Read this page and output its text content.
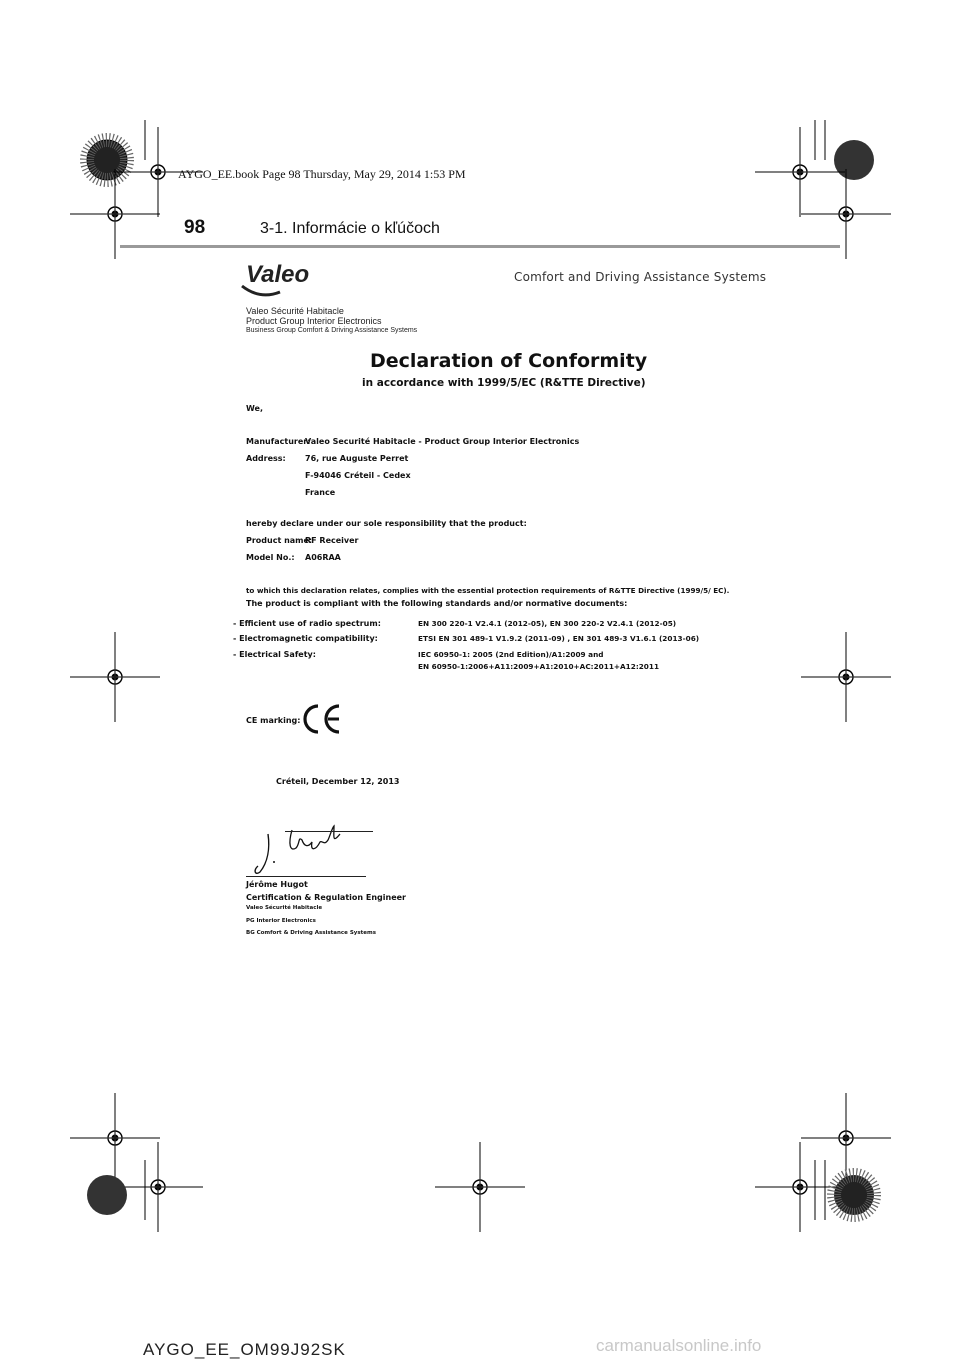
AYGO_EE.book Page 98 Thursday, May 29, 2014 1:53 PM
98	3-1. Informácie o kľúčoch
Valeo	Comfort and Driving Assistance Systems
Valeo Sécurité Habitacle
Product Group Interior Electronics
Business Group Comfort & Driving Assistance Systems
Declaration of Conformity
in accordance with 1999/5/EC (R&TTE Directive)
We,
Manufacturer:
Valeo Securité Habitacle - Product Group Interior Electronics
Address: 76, rue Auguste Perret
F-94046 Créteil - Cedex
France
hereby declare under our sole responsibility that the product:
Product name:
RF Receiver
Model No.: A06RAA
to which this declaration relates, complies with the essential protection requirements of R&TTE Directive (1999/5/ EC).
The product is compliant with the following standards and/or normative documents:
- Efficient use of radio spectrum:	EN 300 220-1 V2.4.1 (2012-05), EN 300 220-2 V2.4.1 (2012-05)
- Electromagnetic compatibility:	ETSI EN 301 489-1 V1.9.2 (2011-09) , EN 301 489-3 V1.6.1 (2013-06)
- Electrical Safety:	IEC 60950-1: 2005 (2nd Edition)/A1:2009 and
EN 60950-1:2006+A11:2009+A1:2010+AC:2011+A12:2011
CE marking:
Créteil, December 12, 2013
Jérôme Hugot
Certification & Regulation Engineer
Valeo Sécurité Habitacle
PG Interior Electronics
BG Comfort & Driving Assistance Systems
AYGO_EE_OM99J92SK	carmanualsonline.info
